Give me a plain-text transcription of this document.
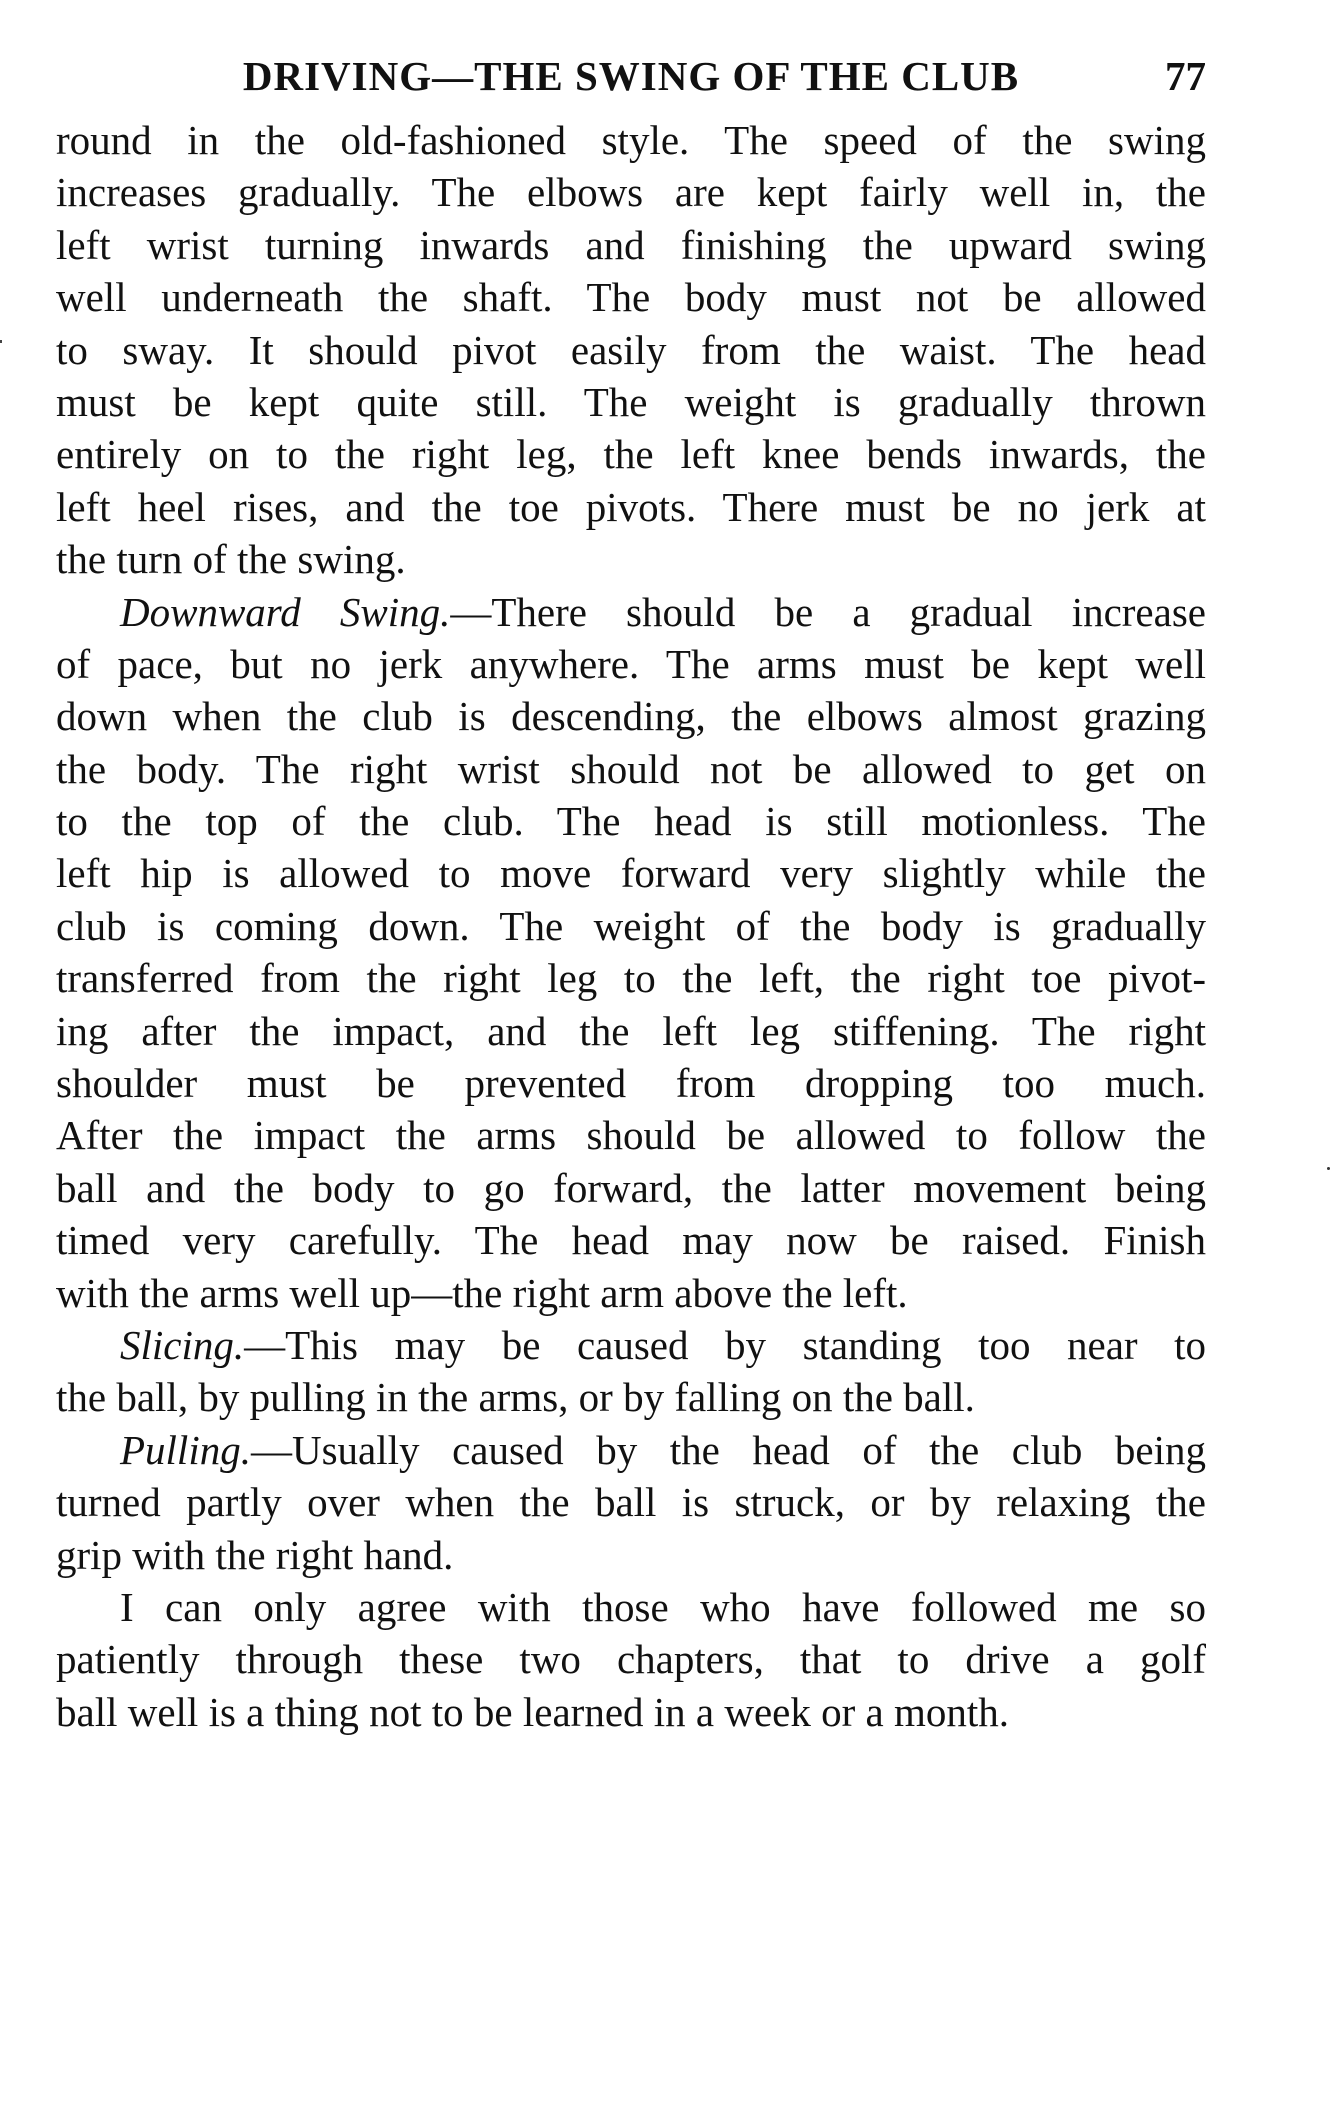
DRIVING—THE SWING OF THE CLUB	77
round in the old-fashioned style. The speed of the swing
increases gradually. The elbows are kept fairly well in, the
left wrist turning inwards and finishing the upward swing
well underneath the shaft. The body must not be allowed
to sway. It should pivot easily from the waist. The head
must be kept quite still. The weight is gradually thrown
entirely on to the right leg, the left knee bends inwards, the
left heel rises, and the toe pivots. There must be no jerk at
the turn of the swing.
Downward Swing.—There should be a gradual increase
of pace, but no jerk anywhere. The arms must be kept well
down when the club is descending, the elbows almost grazing
the body. The right wrist should not be allowed to get on
to the top of the club. The head is still motionless. The
left hip is allowed to move forward very slightly while the
club is coming down. The weight of the body is gradually
transferred from the right leg to the left, the right toe pivot-
ing after the impact, and the left leg stiffening. The right
shoulder must be prevented from dropping too much.
After the impact the arms should be allowed to follow the
ball and the body to go forward, the latter movement being
timed very carefully. The head may now be raised. Finish
with the arms well up—the right arm above the left.
Slicing.—This may be caused by standing too near to
the ball, by pulling in the arms, or by falling on the ball.
Pulling.—Usually caused by the head of the club being
turned partly over when the ball is struck, or by relaxing the
grip with the right hand.
I can only agree with those who have followed me so
patiently through these two chapters, that to drive a golf
ball well is a thing not to be learned in a week or a month.
